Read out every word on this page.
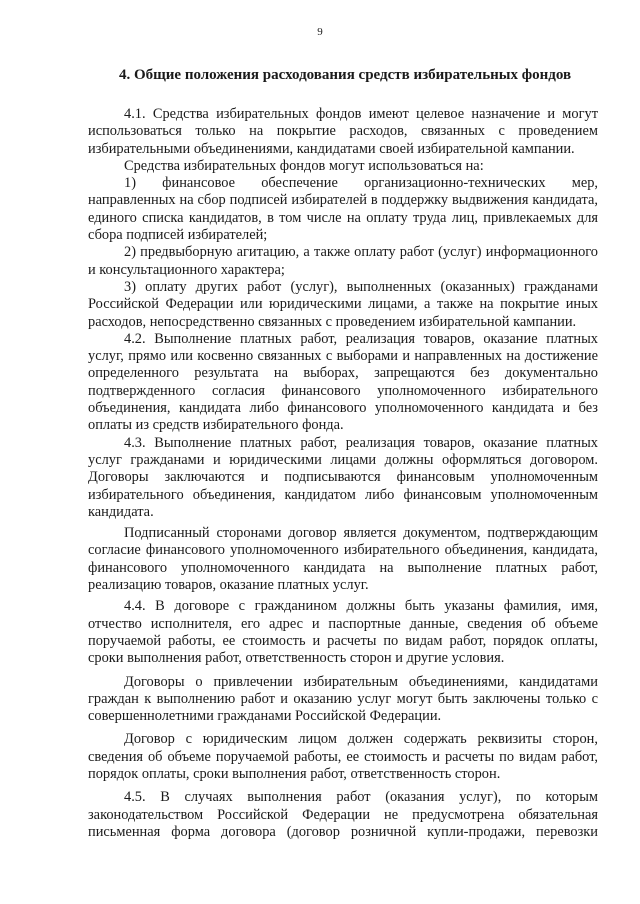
9
4. Общие положения расходования средств избирательных фондов

4.1. Средства избирательных фондов имеют целевое назначение и могут использоваться только на покрытие расходов, связанных с проведением избирательными объединениями, кандидатами своей избирательной кампании.

Средства избирательных фондов могут использоваться на:

1) финансовое обеспечение организационно-технических мер, направленных на сбор подписей избирателей в поддержку выдвижения кандидата, единого списка кандидатов, в том числе на оплату труда лиц, привлекаемых для сбора подписей избирателей;

2) предвыборную агитацию, а также оплату работ (услуг) информационного и консультационного характера;

3) оплату других работ (услуг), выполненных (оказанных) гражданами Российской Федерации или юридическими лицами, а также на покрытие иных расходов, непосредственно связанных с проведением избирательной кампании.

4.2. Выполнение платных работ, реализация товаров, оказание платных услуг, прямо или косвенно связанных с выборами и направленных на достижение определенного результата на выборах, запрещаются без документально подтвержденного согласия финансового уполномоченного избирательного объединения, кандидата либо финансового уполномоченного кандидата и без оплаты из средств избирательного фонда.

4.3. Выполнение платных работ, реализация товаров, оказание платных услуг гражданами и юридическими лицами должны оформляться договором. Договоры заключаются и подписываются финансовым уполномоченным избирательного объединения, кандидатом либо финансовым уполномоченным кандидата.

Подписанный сторонами договор является документом, подтверждающим согласие финансового уполномоченного избирательного объединения, кандидата, финансового уполномоченного кандидата на выполнение платных работ, реализацию товаров, оказание платных услуг.

4.4. В договоре с гражданином должны быть указаны фамилия, имя, отчество исполнителя, его адрес и паспортные данные, сведения об объеме поручаемой работы, ее стоимость и расчеты по видам работ, порядок оплаты, сроки выполнения работ, ответственность сторон и другие условия.

Договоры о привлечении избирательным объединениями, кандидатами граждан к выполнению работ и оказанию услуг могут быть заключены только с совершеннолетними гражданами Российской Федерации.

Договор с юридическим лицом должен содержать реквизиты сторон, сведения об объеме поручаемой работы, ее стоимость и расчеты по видам работ, порядок оплаты, сроки выполнения работ, ответственность сторон.

4.5. В случаях выполнения работ (оказания услуг), по которым законодательством Российской Федерации не предусмотрена обязательная письменная форма договора (договор розничной купли-продажи, перевозки
